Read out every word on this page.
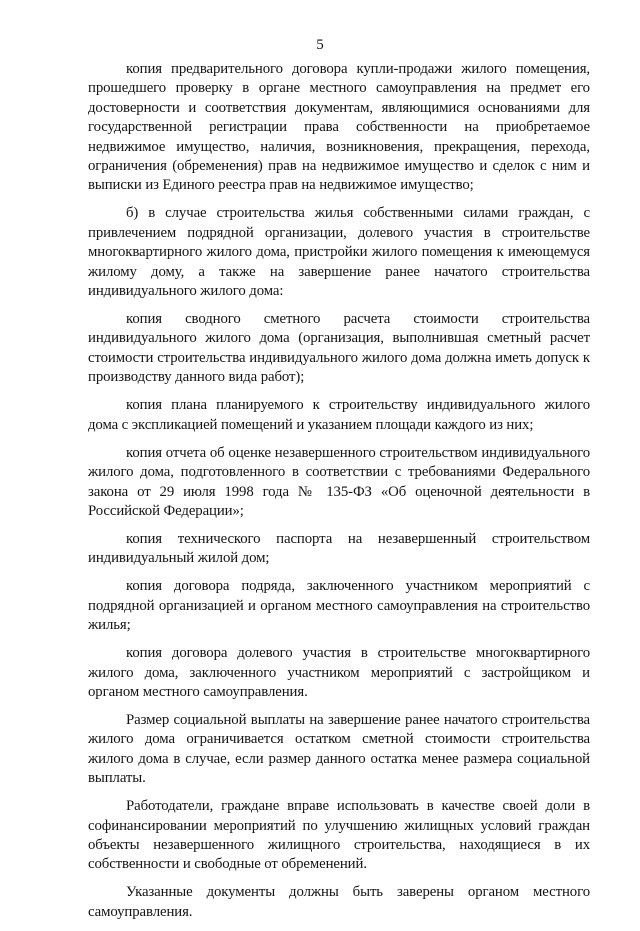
5

копия предварительного договора купли-продажи жилого помещения, прошедшего проверку в органе местного самоуправления на предмет его достоверности и соответствия документам, являющимися основаниями для государственной регистрации права собственности на приобретаемое недвижимое имущество, наличия, возникновения, прекращения, перехода, ограничения (обременения) прав на недвижимое имущество и сделок с ним и выписки из Единого реестра прав на недвижимое имущество;

б) в случае строительства жилья собственными силами граждан, с привлечением подрядной организации, долевого участия в строительстве многоквартирного жилого дома, пристройки жилого помещения к имеющемуся жилому дому, а также на завершение ранее начатого строительства индивидуального жилого дома:

копия сводного сметного расчета стоимости строительства индивидуального жилого дома (организация, выполнившая сметный расчет стоимости строительства индивидуального жилого дома должна иметь допуск к производству данного вида работ);

копия плана планируемого к строительству индивидуального жилого дома с экспликацией помещений и указанием площади каждого из них;

копия отчета об оценке незавершенного строительством индивидуального жилого дома, подготовленного в соответствии с требованиями Федерального закона от 29 июля 1998 года № 135-ФЗ «Об оценочной деятельности в Российской Федерации»;

копия технического паспорта на незавершенный строительством индивидуальный жилой дом;

копия договора подряда, заключенного участником мероприятий с подрядной организацией и органом местного самоуправления на строительство жилья;

копия договора долевого участия в строительстве многоквартирного жилого дома, заключенного участником мероприятий с застройщиком и органом местного самоуправления.

Размер социальной выплаты на завершение ранее начатого строительства жилого дома ограничивается остатком сметной стоимости строительства жилого дома в случае, если размер данного остатка менее размера социальной выплаты.

Работодатели, граждане вправе использовать в качестве своей доли в софинансировании мероприятий по улучшению жилищных условий граждан объекты незавершенного жилищного строительства, находящиеся в их собственности и свободные от обременений.

Указанные документы должны быть заверены органом местного самоуправления.
